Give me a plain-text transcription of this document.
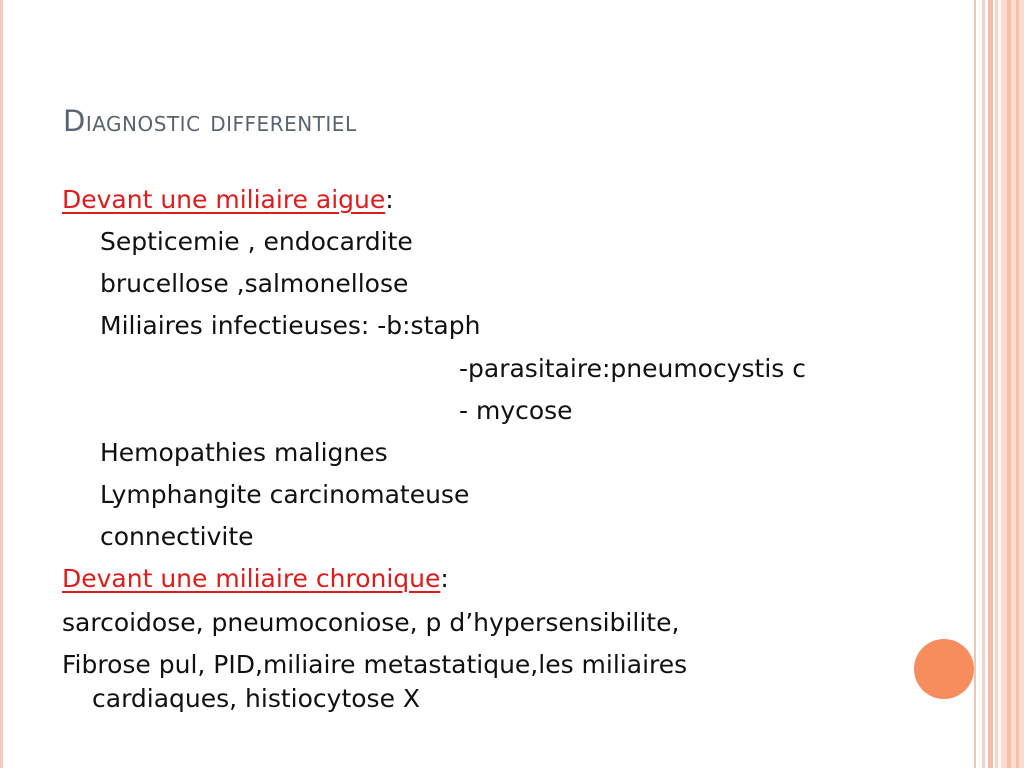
Diagnostic differentiel
Devant une miliaire aigue:
Septicemie , endocardite
brucellose ,salmonellose
Miliaires infectieuses: -b:staph
-parasitaire:pneumocystis c
- mycose
Hemopathies malignes
Lymphangite carcinomateuse
connectivite
Devant une miliaire chronique:
sarcoidose, pneumoconiose, p d’hypersensibilite,
Fibrose pul, PID,miliaire metastatique,les miliaires
cardiaques, histiocytose X
